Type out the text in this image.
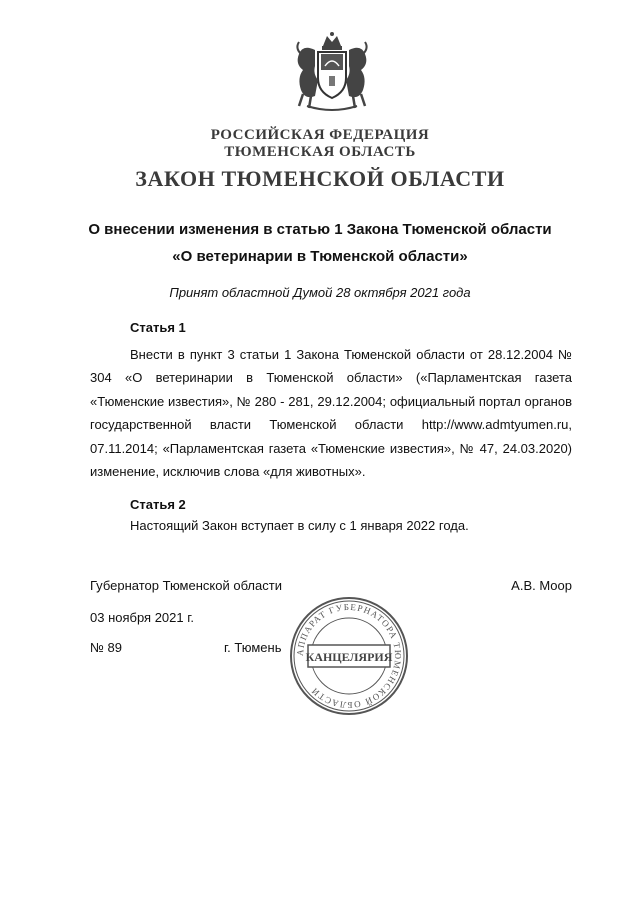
РОССИЙСКАЯ ФЕДЕРАЦИЯ
ТЮМЕНСКАЯ ОБЛАСТЬ
ЗАКОН ТЮМЕНСКОЙ ОБЛАСТИ
О внесении изменения в статью 1 Закона Тюменской области
«О ветеринарии в Тюменской области»
Принят областной Думой 28 октября 2021 года
Статья 1
Внести в пункт 3 статьи 1 Закона Тюменской области от 28.12.2004 № 304 «О ветеринарии в Тюменской области» («Парламентская газета «Тюменские известия», № 280 - 281, 29.12.2004; официальный портал органов государственной власти Тюменской области http://www.admtyumen.ru, 07.11.2014; «Парламентская газета «Тюменские известия», № 47, 24.03.2020) изменение, исключив слова «для животных».
Статья 2
Настоящий Закон вступает в силу с 1 января 2022 года.
Губернатор Тюменской области	А.В. Моор
03 ноября 2021 г.
№ 89	г. Тюмень АППАРАТ ГУБЕРНАТОРА ТЮМЕНСКОЙ ОБЛАСТИ
КАНЦЕЛЯРИЯ
